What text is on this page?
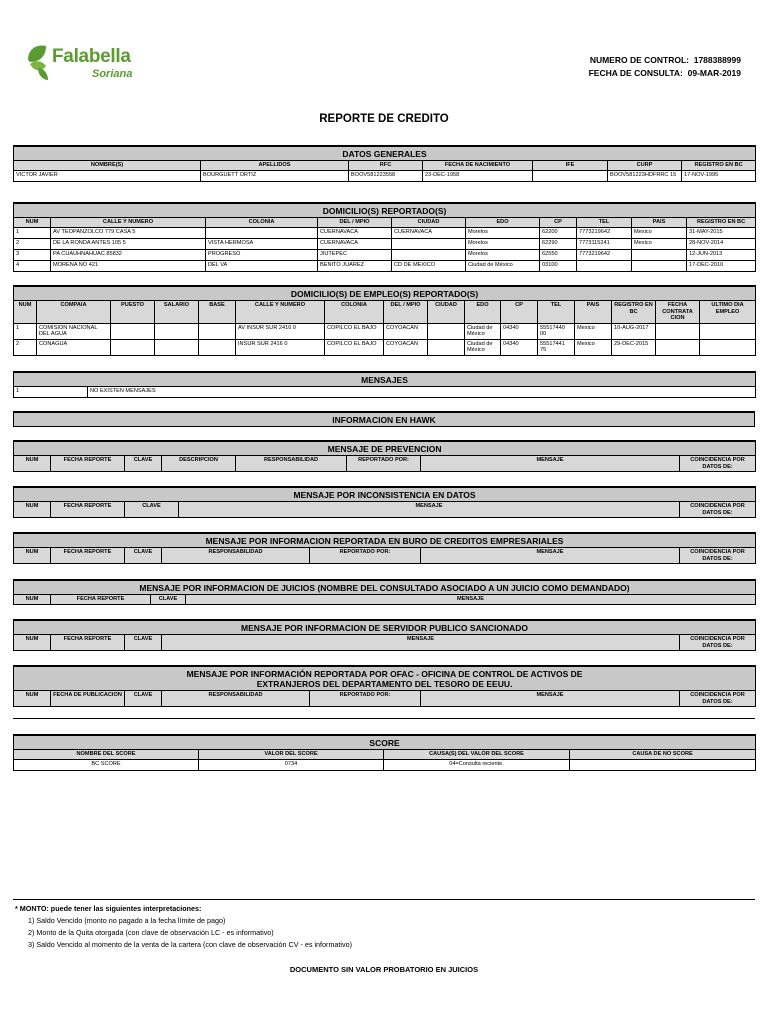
Falabella
Soriana
NUMERO DE CONTROL: 1788388999
FECHA DE CONSULTA: 09-MAR-2019
REPORTE DE CREDITO
DATOS GENERALES						
NOMBRE(S)	APELLIDOS	RFC	FECHA DE NACIMIENTO	IFE	CURP	REGISTRO EN BC
VICTOR JAVIER	BOURGUETT ORTIZ	BOOV581223558	23-DEC-1958		BOOV581223HDFRRC 15	17-NOV-1995
DOMICILIO(S) REPORTADO(S)									
NUM	CALLE Y NUMERO	COLONIA	DEL / MPIO	CIUDAD	EDO	CP	TEL	PAIS	REGISTRO EN BC
1	AV TEOPANZOLCO 779 CASA 5		CUERNAVACA	CUERNAVACA	Morelos	62200	7773219642	Mexico	31-MAY-2015
2	DE LA RONDA ANTES 105 5	VISTA HERMOSA	CUERNAVACA		Morelos	62290	7773115241	Mexico	28-NOV-2014
3	PA CUAUHNAHUAC 85832	PROGRESO	JIUTEPEC		Morelos	62550	7773219642		12-JUN-2013
4	MORENA NO 421	DEL VA	BENITO JUAREZ	CD DE MEXICO	Ciudad de México	03100			17-DEC-2010
DOMICILIO(S) DE EMPLEO(S) REPORTADO(S)															
NUM	COMPAIA	PUESTO	SALARIO	BASE	CALLE Y NUMERO	COLONIA	DEL / MPIO	CIUDAD	EDO	CP	TEL	PAIS	REGISTRO EN BC	FECHA CONTRATA CION	ULTIMO DIA EMPLEO
1	COMISION NACIONAL DEL AGUA				AV INSUR SUR 2416 0	COPILCO EL BAJO	COYOACAN		Ciudad de México	04340	55517440 00	Mexico	10-AUG-2017		
2	CONAGUA				INSUR SUR 2416 0	COPILCO EL BAJO	COYOACAN		Ciudad de México	04340	55517441 75	Mexico	29-DEC-2015		
MENSAJES
1	NO EXISTEN MENSAJES
INFORMACION EN HAWK
MENSAJE DE PREVENCION
NUM	FECHA REPORTE	CLAVE	DESCRIPCION	RESPONSABILIDAD	REPORTADO POR:	MENSAJE	COINCIDENCIA POR DATOS DE:
MENSAJE POR INCONSISTENCIA EN DATOS
NUM	FECHA REPORTE	CLAVE	MENSAJE	COINCIDENCIA POR DATOS DE:
MENSAJE POR INFORMACION REPORTADA EN BURO DE CREDITOS EMPRESARIALES
NUM	FECHA REPORTE	CLAVE	RESPONSABILIDAD	REPORTADO POR:	MENSAJE	COINCIDENCIA POR DATOS DE:
MENSAJE POR INFORMACION DE JUICIOS (NOMBRE DEL CONSULTADO ASOCIADO A UN JUICIO COMO DEMANDADO)
NUM	FECHA REPORTE	CLAVE	MENSAJE
MENSAJE POR INFORMACION DE SERVIDOR PUBLICO SANCIONADO
NUM	FECHA REPORTE	CLAVE	MENSAJE	COINCIDENCIA POR DATOS DE:
MENSAJE POR INFORMACIÓN REPORTADA POR OFAC - OFICINA DE CONTROL DE ACTIVOS DE
EXTRANJEROS DEL DEPARTAMENTO DEL TESORO DE EEUU.
NUM	FECHA DE PUBLICACION	CLAVE	RESPONSABILIDAD	REPORTADO POR:	MENSAJE	COINCIDENCIA POR DATOS DE:
SCORE			
NOMBRE DEL SCORE	VALOR DEL SCORE	CAUSA(S) DEL VALOR DEL SCORE	CAUSA DE NO SCORE
BC SCORE	0734	04=Consulta reciente.	
* MONTO: puede tener las siguientes interpretaciones:
1) Saldo Vencido (monto no pagado a la fecha límite de pago)
2) Monto de la Quita otorgada (con clave de observación LC - es informativo)
3) Saldo Vencido al momento de la venta de la cartera (con clave de observación CV - es informativo)
DOCUMENTO SIN VALOR PROBATORIO EN JUICIOS
